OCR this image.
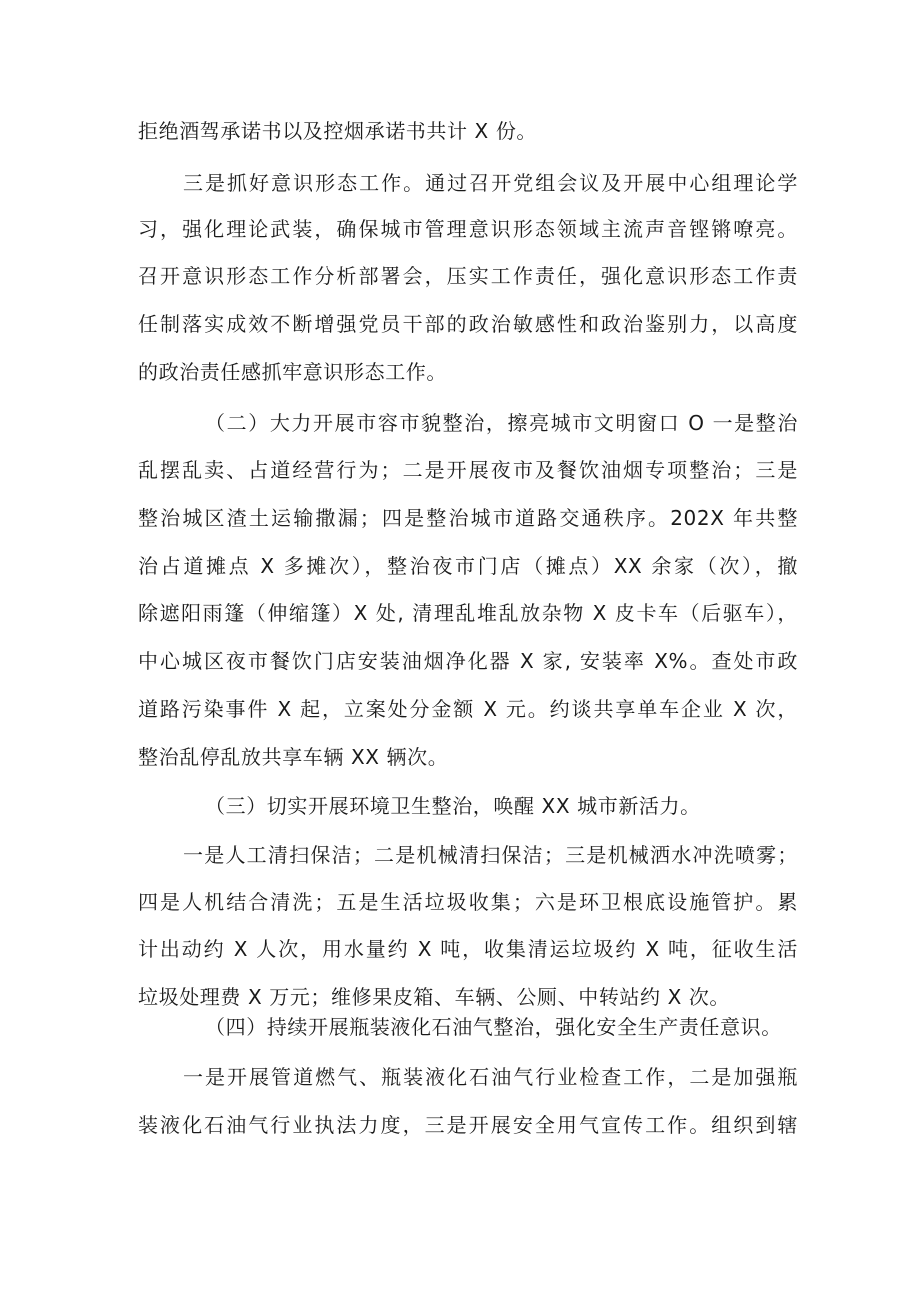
拒绝酒驾承诺书以及控烟承诺书共计 X 份。
三是抓好意识形态工作。通过召开党组会议及开展中心组理论学
习，强化理论武装，确保城市管理意识形态领域主流声音铿锵嘹亮。
召开意识形态工作分析部署会，压实工作责任，强化意识形态工作责
任制落实成效不断增强党员干部的政治敏感性和政治鉴别力，以高度
的政治责任感抓牢意识形态工作。
（二）大力开展市容市貌整治，擦亮城市文明窗口 O 一是整治
乱摆乱卖、占道经营行为；二是开展夜市及餐饮油烟专项整治；三是
整治城区渣土运输撒漏；四是整治城市道路交通秩序。202X 年共整
治占道摊点 X 多摊次），整治夜市门店（摊点）XX 余家（次），撤
除遮阳雨篷（伸缩篷）X 处, 清理乱堆乱放杂物 X 皮卡车（后驱车），
中心城区夜市餐饮门店安装油烟净化器 X 家, 安装率 X%。查处市政
道路污染事件 X 起，立案处分金额 X 元。约谈共享单车企业 X 次，
整治乱停乱放共享车辆 XX 辆次。
（三）切实开展环境卫生整治，唤醒 XX 城市新活力。
一是人工清扫保洁；二是机械清扫保洁；三是机械洒水冲洗喷雾；
四是人机结合清洗；五是生活垃圾收集；六是环卫根底设施管护。累
计出动约 X 人次，用水量约 X 吨，收集清运垃圾约 X 吨，征收生活
垃圾处理费 X 万元；维修果皮箱、车辆、公厕、中转站约 X 次。
（四）持续开展瓶装液化石油气整治，强化安全生产责任意识。
一是开展管道燃气、瓶装液化石油气行业检查工作，二是加强瓶
装液化石油气行业执法力度，三是开展安全用气宣传工作。组织到辖
